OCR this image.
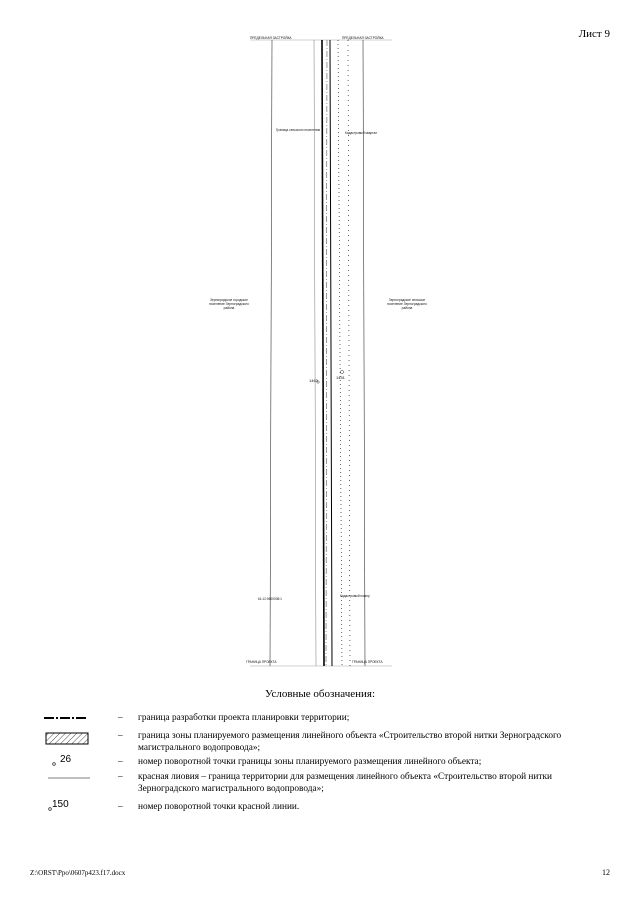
Лист 9
ПРЕДЕЛЬНАЯ ЗАСТРОЙКА	ПРЕДЕЛЬНАЯ ЗАСТРОЙКА
Граница сельского поселения
Кадастровый квартал
Зерноградское городское поселение Зерноградского района
Зерноградское сельское поселение Зерноградского района
1463
1451
61:12:0600008:1
Кадастровый номер
ГРАНИЦА ПРОЕКТА	ГРАНИЦА ПРОЕКТА
Условные обозначения:
–	граница разработки проекта планировки территории;
–	граница зоны планируемого размещения линейного объекта «Строительство второй нитки Зерноградского магистрального водопровода»;
26	–	номер поворотной точки границы зоны планируемого размещения линейного объекта;
–	красная лиовия – граница территории для размещения линейного объекта «Строительство второй нитки Зерноградского магистрального водопровода»;
150	–	номер поворотной точки красной линии.
Z:\ORST\Ppo\0607p423.f17.docx	12
